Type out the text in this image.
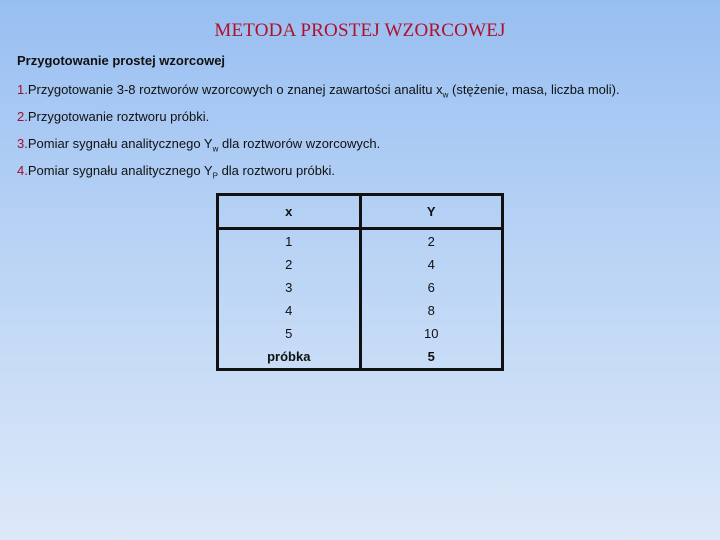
METODA PROSTEJ WZORCOWEJ
Przygotowanie prostej wzorcowej
1.Przygotowanie 3-8 roztworów wzorcowych o znanej zawartości analitu $x_w$ (stężenie, masa, liczba moli).
2.Przygotowanie roztworu próbki.
3.Pomiar sygnału analitycznego $Y_w$ dla roztworów wzorcowych.
4.Pomiar sygnału analitycznego $Y_P$ dla roztworu próbki.
x	Y
1	2
2	4
3	6
4	8
5	10
próbka	5
